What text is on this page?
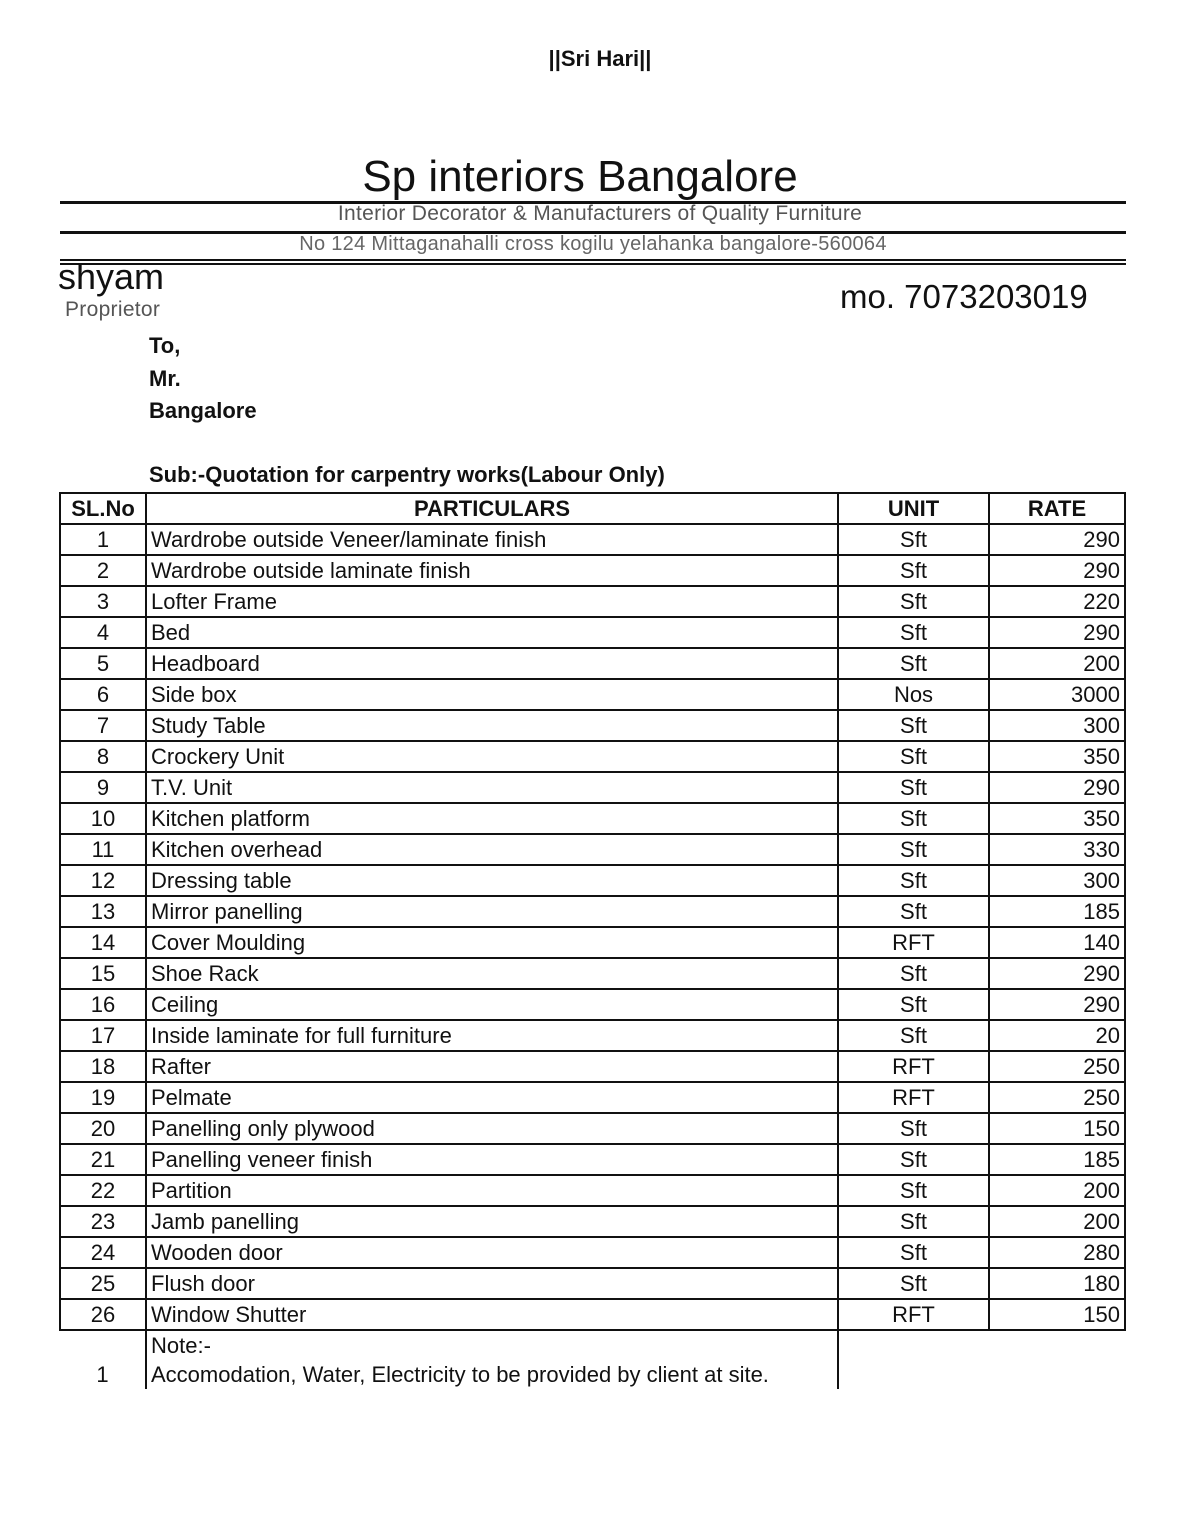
||Sri Hari||
Sp interiors Bangalore
Interior Decorator & Manufacturers of Quality Furniture
No 124 Mittaganahalli cross kogilu yelahanka bangalore-560064
shyam
Proprietor	mo. 7073203019
To,
Mr.
Bangalore
Sub:-Quotation for carpentry works(Labour Only)
SL.No	PARTICULARS	UNIT	RATE
1	Wardrobe outside Veneer/laminate finish	Sft	290
2	Wardrobe outside laminate finish	Sft	290
3	Lofter Frame	Sft	220
4	Bed	Sft	290
5	Headboard	Sft	200
6	Side box	Nos	3000
7	Study Table	Sft	300
8	Crockery Unit	Sft	350
9	T.V. Unit	Sft	290
10	Kitchen platform	Sft	350
11	Kitchen overhead	Sft	330
12	Dressing table	Sft	300
13	Mirror panelling	Sft	185
14	Cover Moulding	RFT	140
15	Shoe Rack	Sft	290
16	Ceiling	Sft	290
17	Inside laminate for full furniture	Sft	20
18	Rafter	RFT	250
19	Pelmate	RFT	250
20	Panelling only plywood	Sft	150
21	Panelling veneer finish	Sft	185
22	Partition	Sft	200
23	Jamb panelling	Sft	200
24	Wooden door	Sft	280
25	Flush door	Sft	180
26	Window Shutter	RFT	150
	Note:-		
1	Accomodation, Water, Electricity to be provided by client at site.		
